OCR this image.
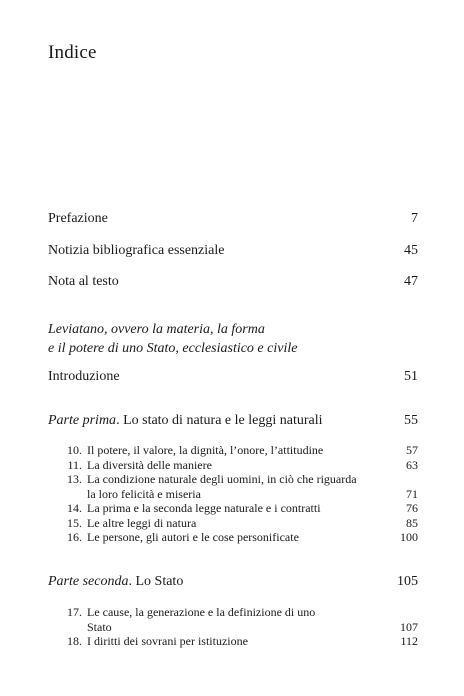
Indice
Prefazione	7
Notizia bibliografica essenziale	45
Nota al testo	47
Leviatano, ovvero la materia, la forma
e il potere di uno Stato, ecclesiastico e civile
Introduzione	51
Parte prima. Lo stato di natura e le leggi naturali	55
10. Il potere, il valore, la dignità, l’onore, l’attitudine	57
11. La diversità delle maniere	63
13. La condizione naturale degli uomini, in ciò che riguarda
la loro felicità e miseria	71
14. La prima e la seconda legge naturale e i contratti	76
15. Le altre leggi di natura	85
16. Le persone, gli autori e le cose personificate	100
Parte seconda. Lo Stato	105
17. Le cause, la generazione e la definizione di uno
Stato	107
18. I diritti dei sovrani per istituzione	112
